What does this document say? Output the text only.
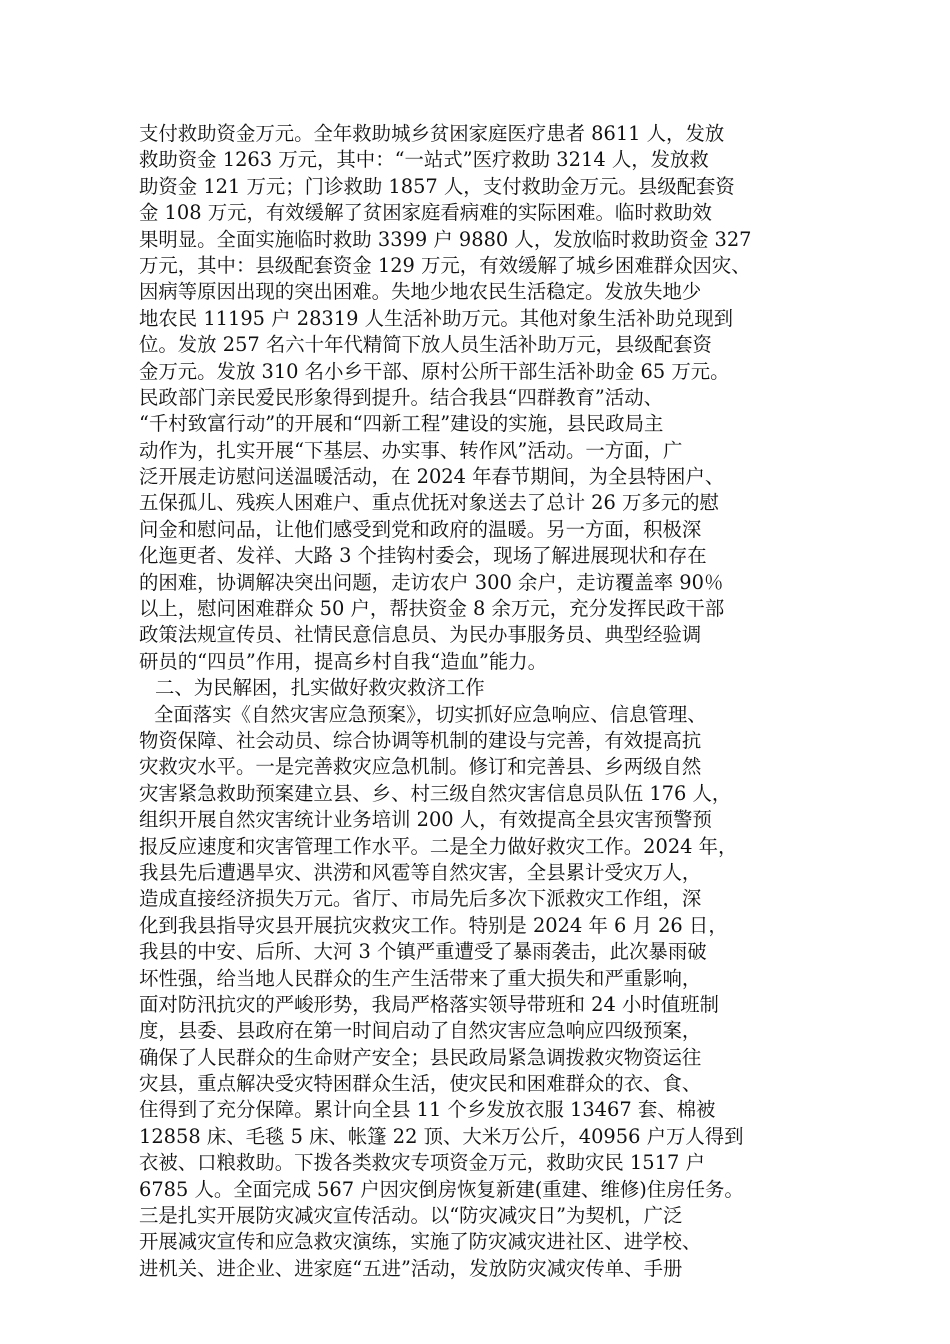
支付救助资金万元。全年救助城乡贫困家庭医疗患者 8611 人，发放
救助资金 1263 万元，其中：“一站式”医疗救助 3214 人，发放救
助资金 121 万元；门诊救助 1857 人，支付救助金万元。县级配套资
金 108 万元，有效缓解了贫困家庭看病难的实际困难。临时救助效
果明显。全面实施临时救助 3399 户 9880 人，发放临时救助资金 327
万元，其中：县级配套资金 129 万元，有效缓解了城乡困难群众因灾、
因病等原因出现的突出困难。失地少地农民生活稳定。发放失地少
地农民 11195 户 28319 人生活补助万元。其他对象生活补助兑现到
位。发放 257 名六十年代精简下放人员生活补助万元，县级配套资
金万元。发放 310 名小乡干部、原村公所干部生活补助金 65 万元。
民政部门亲民爱民形象得到提升。结合我县“四群教育”活动、
“千村致富行动”的开展和“四新工程”建设的实施，县民政局主
动作为，扎实开展“下基层、办实事、转作风”活动。一方面，广
泛开展走访慰问送温暖活动，在 2024 年春节期间，为全县特困户、
五保孤儿、残疾人困难户、重点优抚对象送去了总计 26 万多元的慰
问金和慰问品，让他们感受到党和政府的温暖。另一方面，积极深
化迤更者、发祥、大路 3 个挂钩村委会，现场了解进展现状和存在
的困难，协调解决突出问题，走访农户 300 余户，走访覆盖率 90％
以上，慰问困难群众 50 户，帮扶资金 8 余万元，充分发挥民政干部
政策法规宣传员、社情民意信息员、为民办事服务员、典型经验调
研员的“四员”作用，提高乡村自我“造血”能力。
二、为民解困，扎实做好救灾救济工作
全面落实《自然灾害应急预案》，切实抓好应急响应、信息管理、
物资保障、社会动员、综合协调等机制的建设与完善，有效提高抗
灾救灾水平。一是完善救灾应急机制。修订和完善县、乡两级自然
灾害紧急救助预案建立县、乡、村三级自然灾害信息员队伍 176 人，
组织开展自然灾害统计业务培训 200 人，有效提高全县灾害预警预
报反应速度和灾害管理工作水平。二是全力做好救灾工作。2024 年，
我县先后遭遇旱灾、洪涝和风雹等自然灾害，全县累计受灾万人，
造成直接经济损失万元。省厅、市局先后多次下派救灾工作组，深
化到我县指导灾县开展抗灾救灾工作。特别是 2024 年 6 月 26 日，
我县的中安、后所、大河 3 个镇严重遭受了暴雨袭击，此次暴雨破
坏性强，给当地人民群众的生产生活带来了重大损失和严重影响，
面对防汛抗灾的严峻形势，我局严格落实领导带班和 24 小时值班制
度，县委、县政府在第一时间启动了自然灾害应急响应四级预案，
确保了人民群众的生命财产安全；县民政局紧急调拨救灾物资运往
灾县，重点解决受灾特困群众生活，使灾民和困难群众的衣、食、
住得到了充分保障。累计向全县 11 个乡发放衣服 13467 套、棉被
12858 床、毛毯 5 床、帐篷 22 顶、大米万公斤，40956 户万人得到
衣被、口粮救助。下拨各类救灾专项资金万元，救助灾民 1517 户
6785 人。全面完成 567 户因灾倒房恢复新建(重建、维修)住房任务。
三是扎实开展防灾减灾宣传活动。以“防灾减灾日”为契机，广泛
开展减灾宣传和应急救灾演练，实施了防灾减灾进社区、进学校、
进机关、进企业、进家庭“五进”活动，发放防灾减灾传单、手册
